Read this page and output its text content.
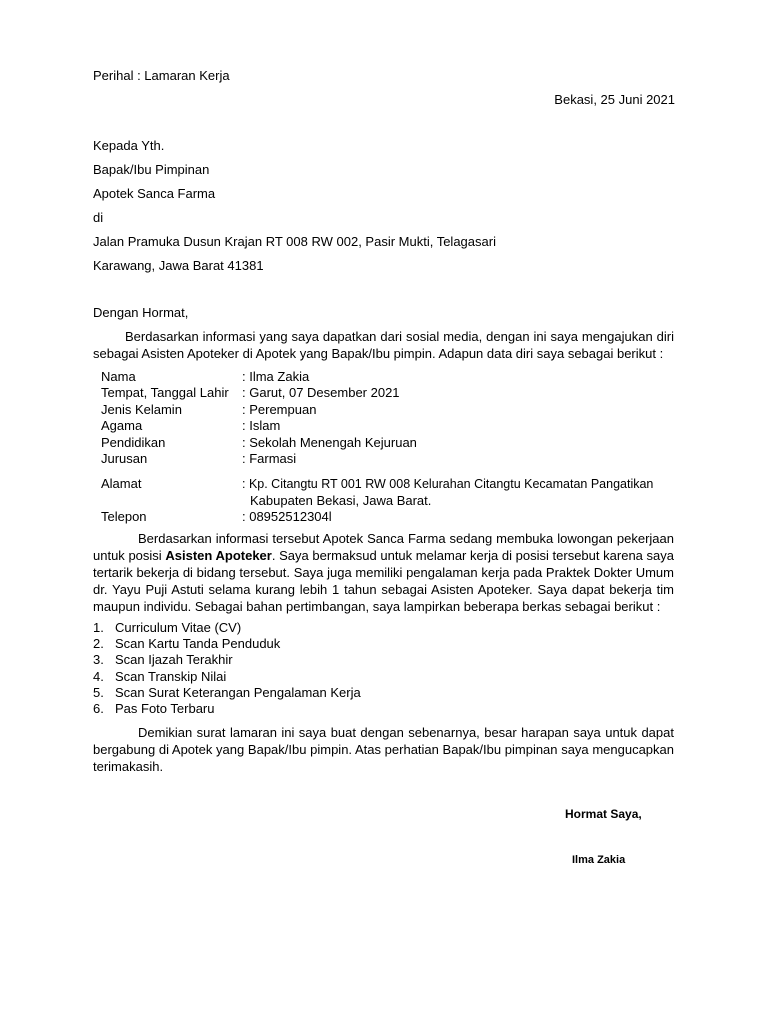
Perihal : Lamaran Kerja
Bekasi, 25 Juni 2021
Kepada Yth.
Bapak/Ibu Pimpinan
Apotek Sanca Farma
di
Jalan Pramuka Dusun Krajan RT 008 RW 002, Pasir Mukti, Telagasari
Karawang, Jawa Barat 41381
Dengan Hormat,
Berdasarkan informasi yang saya dapatkan dari sosial media, dengan ini saya mengajukan diri sebagai Asisten Apoteker di Apotek yang Bapak/Ibu pimpin. Adapun data diri saya sebagai berikut :
Nama	: Ilma Zakia
Tempat, Tanggal Lahir	: Garut, 07 Desember 2021
Jenis Kelamin	: Perempuan
Agama	: Islam
Pendidikan	: Sekolah Menengah Kejuruan
Jurusan	: Farmasi
Alamat	: Kp. Citangtu RT 001 RW 008 Kelurahan Citangtu Kecamatan Pangatikan
Kabupaten Bekasi, Jawa Barat.
Telepon	: 08952512304l
Berdasarkan informasi tersebut Apotek Sanca Farma sedang membuka lowongan pekerjaan untuk posisi Asisten Apoteker. Saya bermaksud untuk melamar kerja di posisi tersebut karena saya tertarik bekerja di bidang tersebut. Saya juga memiliki pengalaman kerja pada Praktek Dokter Umum dr. Yayu Puji Astuti selama kurang lebih 1 tahun sebagai Asisten Apoteker. Saya dapat bekerja tim maupun individu. Sebagai bahan pertimbangan, saya lampirkan beberapa berkas sebagai berikut :
1. Curriculum Vitae (CV)
2. Scan Kartu Tanda Penduduk
3. Scan Ijazah Terakhir
4. Scan Transkip Nilai
5. Scan Surat Keterangan Pengalaman Kerja
6. Pas Foto Terbaru
Demikian surat lamaran ini saya buat dengan sebenarnya, besar harapan saya untuk dapat bergabung di Apotek yang Bapak/Ibu pimpin. Atas perhatian Bapak/Ibu pimpinan saya mengucapkan terimakasih.
Hormat Saya,
Ilma Zakia
